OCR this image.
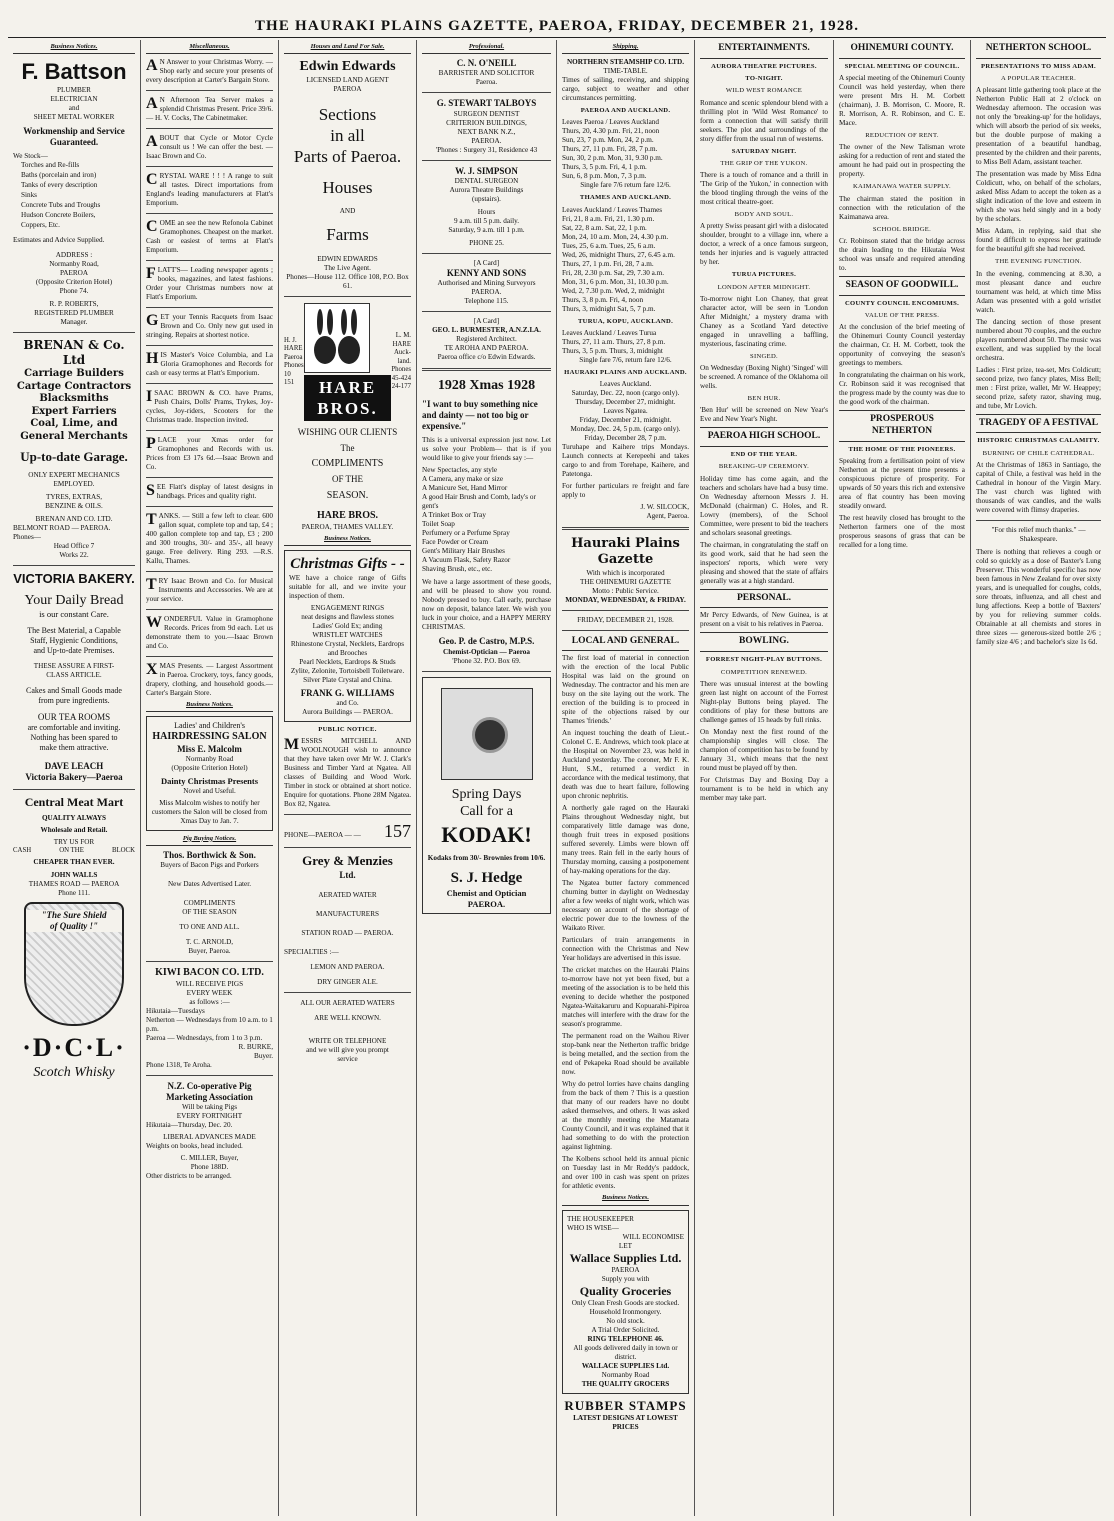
THE HAURAKI PLAINS GAZETTE, PAEROA, FRIDAY, DECEMBER 21, 1928.
Business Notices.
F. Battson
PLUMBER
ELECTRICIAN
and
SHEET METAL WORKER
Workmenship and Service Guaranteed.
We Stock—
Torches and Re-fills
Baths (porcelain and iron)
Tanks of every description
Sinks
Concrete Tubs and Troughs
Hudson Concrete Boilers,
Coppers, Etc.
Estimates and Advice Supplied.
ADDRESS :
Normanby Road,
PAEROA
(Opposite Criterion Hotel)
Phone 74.
R. P. ROBERTS,
REGISTERED PLUMBER
Manager.
BRENAN & Co. Ltd
Carriage Builders
Cartage Contractors
Blacksmiths
Expert Farriers
Coal, Lime, and
General Merchants
Up-to-date Garage.
ONLY EXPERT MECHANICS
EMPLOYED.
TYRES, EXTRAS,
BENZINE & OILS.
BRENAN AND CO. LTD.
BELMONT ROAD — PAEROA.
Phones—
Head Office 7
Works 22.
VICTORIA BAKERY.
Your Daily Bread
is our constant Care.
The Best Material, a Capable
Staff, Hygienic Conditions,
and Up-to-date Premises.
THESE ASSURE A FIRST-
CLASS ARTICLE.
Cakes and Small Goods made
from pure ingredients.
OUR TEA ROOMS
are comfortable and inviting.
Nothing has been spared to
make them attractive.
DAVE LEACH
Victoria Bakery—Paeroa
Central Meat Mart
QUALITY ALWAYS
Wholesale and Retail.
TRY US FOR
CASH	ON THE	BLOCK
CHEAPER THAN EVER.
JOHN WALLS
THAMES ROAD — PAEROA
Phone 111.
"The Sure Shield
of Quality !"
·D·C·L·
Scotch Whisky
Miscellaneous.

AN Answer to your Christmas Worry. — Shop early and secure your presents of every description at Carter's Bargain Store.

AN Afternoon Tea Server makes a splendid Christmas Present. Price 39/6. — H. V. Cocks, The Cabinetmaker.

ABOUT that Cycle or Motor Cycle consult us ! We can offer the best. — Isaac Brown and Co.

CRYSTAL WARE ! ! ! A range to suit all tastes. Direct importations from England's leading manufacturers at Flatt's Emporium.

COME an see the new Refonola Cabinet Gramophones. Cheapest on the market. Cash or easiest of terms at Flatt's Emporium.

FLATT'S— Leading newspaper agents ; books, magazines, and latest fashions. Order your Christmas numbers now at Flatt's Emporium.

GET your Tennis Racquets from Isaac Brown and Co. Only new gut used in stringing. Repairs at shortest notice.

HIS Master's Voice Columbia, and La Gloria Gramophones and Records for cash or easy terms at Flatt's Emporium.

ISAAC BROWN & CO. have Prams, Push Chairs, Dolls' Prams, Trykes, Joy-cycles, Joy-riders, Scooters for the Christmas trade. Inspection invited.

PLACE your Xmas order for Gramophones and Records with us. Prices from £3 17s 6d.—Isaac Brown and Co.

SEE Flatt's display of latest designs in handbags. Prices and quality right.

TANKS. — Still a few left to clear. 600 gallon squat, complete top and tap, £4 ; 400 gallon complete top and tap, £3 ; 200 and 300 troughs, 30/- and 35/-, all heavy gauge. Free delivery. Ring 293. —R.S. Kallu, Thames.

TRY Isaac Brown and Co. for Musical Instruments and Accessories. We are at your service.

WONDERFUL Value in Gramophone Records. Prices from 9d each. Let us demonstrate them to you.—Isaac Brown and Co.

XMAS Presents. — Largest Assortment in Paeroa. Crockery, toys, fancy goods, drapery, clothing, and household goods.— Carter's Bargain Store.

Business Notices.
Ladies' and Children's
HAIRDRESSING SALON
Miss E. Malcolm
Normanby Road
(Opposite Criterion Hotel)
Dainty Christmas Presents
Novel and Useful.
Miss Malcolm wishes to notify her customers the Salon will be closed from Xmas Day to Jan. 7.
Pig Buying Notices.
Thos. Borthwick & Son.
Buyers of Bacon Pigs and Porkers
New Dates Advertised Later.
COMPLIMENTS
OF THE SEASON
TO ONE AND ALL.
T. C. ARNOLD,
Buyer, Paeroa.
KIWI BACON CO. LTD.
WILL RECEIVE PIGS
EVERY WEEK
as follows :—
Hikutaia—Tuesdays
Netherton — Wednesdays from 10 a.m. to 1 p.m.
Paeroa — Wednesdays, from 1 to 3 p.m.
R. BURKE,
Buyer.
Phone 1318, Te Aroha.
N.Z. Co-operative Pig
Marketing Association
Will be taking Pigs
EVERY FORTNIGHT
Hikutaia—Thursday, Dec. 20.
LIBERAL ADVANCES MADE
Weights on books, head included.
C. MILLER, Buyer,
Phone 188D.
Other districts to be arranged.
Houses and Land For Sale.
Edwin Edwards
LICENSED LAND AGENT
PAEROA
Sections
in all
Parts of Paeroa.
Houses
AND
Farms
EDWIN EDWARDS
The Live Agent.
Phones—House 112. Office 108, P.O. Box 61.
H. J.
HARE
Paeroa
Phones
10
151	HARE BROS.
L. M.
HARE
Auck-
land.
Phones
45-424
24-177
WISHING OUR CLIENTS
The
COMPLIMENTS
OF THE
SEASON.
HARE BROS.
PAEROA, THAMES VALLEY.
Business Notices.
Christmas Gifts - -

WE have a choice range of Gifts suitable for all, and we invite your inspection of them.

ENGAGEMENT RINGS
neat designs and flawless stones
Ladies' Gold Ex; anding
WRISTLET WATCHES
Rhinestone Crystal, Necklets, Eardrops and Brooches
Pearl Necklets, Eardrops & Studs
Zylite, Zelonite, Tortoisbell Toiletware.
Silver Plate Crystal and China.
FRANK G. WILLIAMS
and Co.
Aurora Buildings — PAEROA.
PUBLIC NOTICE.

MESSRS MITCHELL AND WOOLNOUGH wish to announce that they have taken over Mr W. J. Clark's Business and Timber Yard at Ngatea. All classes of Building and Wood Work. Timber in stock or obtained at short notice. Enquire for quotations. Phone 28M Ngatea. Box 82, Ngatea.

PHONE—PAEROA — — 157
Grey & Menzies
Ltd.
AERATED WATER
MANUFACTURERS
STATION ROAD — PAEROA.
SPECIALTIES :—
LEMON AND PAEROA.
DRY GINGER ALE.
ALL OUR AERATED WATERS
ARE WELL KNOWN.
WRITE OR TELEPHONE
and we will give you prompt
service
Professional.
C. N. O'NEILL
BARRISTER AND SOLICITOR
Paeroa.
G. STEWART TALBOYS
SURGEON DENTIST
CRITERION BUILDINGS,
NEXT BANK N.Z.,
PAEROA.
'Phones : Surgery 31, Residence 43
W. J. SIMPSON
DENTAL SURGEON
Aurora Theatre Buildings
(upstairs).
Hours
9 a.m. till 5 p.m. daily.
Saturday, 9 a.m. till 1 p.m.
PHONE 25.
[A Card]
KENNY AND SONS
Authorised and Mining Surveyors
PAEROA.
Telephone 115.
[A Card]
GEO. L. BURMESTER, A.N.Z.I.A.
Registered Architect.
TE AROHA AND PAEROA.
Paeroa office c/o Edwin Edwards.
1928 Xmas 1928
"I want to buy something nice and dainty — not too big or expensive."

This is a universal expression just now. Let us solve your Problem— that is if you would like to give your friends say :—

New Spectacles, any style
A Camera, any make or size
A Manicure Set, Hand Mirror
A good Hair Brush and Comb, lady's or gent's
A Trinket Box or Tray
Toilet Soap
Perfumery or a Perfume Spray
Face Powder or Cream
Gent's Military Hair Brushes
A Vacuum Flask, Safety Razor
Shaving Brush, etc., etc.

We have a large assortment of these goods, and will be pleased to show you round. Nobody pressed to buy. Call early, purchase now on deposit, balance later. We wish you luck in your choice, and a HAPPY MERRY CHRISTMAS.

Geo. P. de Castro, M.P.S.
Chemist-Optician — Paeroa
'Phone 32. P.O. Box 69.
Spring Days
Call for a
KODAK!
Kodaks from 30/- Brownies from 10/6.
S. J. Hedge
Chemist and Optician
PAEROA.
Shipping.
NORTHERN STEAMSHIP CO. LTD.
TIME-TABLE.

Times of sailing, receiving, and shipping cargo, subject to weather and other circumstances permitting.

PAEROA AND AUCKLAND.
Leaves Paeroa / Leaves Auckland
Thurs, 20, 4.30 p.m. Fri, 21, noon
Sun, 23, 7 p.m. Mon, 24, 2 p.m.
Thurs, 27, 11 p.m. Fri, 28, 7 p.m.
Sun, 30, 2 p.m. Mon, 31, 9.30 p.m.
Thurs, 3, 5 p.m. Fri, 4, 1 p.m.
Sun, 6, 8 p.m. Mon, 7, 3 p.m.
Single fare 7/6 return fare 12/6.
THAMES AND AUCKLAND.
Leaves Auckland / Leaves Thames
Fri, 21, 8 a.m. Fri, 21, 1.30 p.m.
Sat, 22, 8 a.m. Sat, 22, 1 p.m.
Mon, 24, 10 a.m. Mon, 24, 4.30 p.m.
Tues, 25, 6 a.m. Tues, 25, 6 a.m.
Wed, 26, midnight Thurs, 27, 6.45 a.m.
Thurs, 27, 1 p.m. Fri, 28, 7 a.m.
Fri, 28, 2.30 p.m. Sat, 29, 7.30 a.m.
Mon, 31, 6 p.m. Mon, 31, 10.30 p.m.
Wed, 2, 7.30 p.m. Wed, 2, midnight
Thurs, 3, 8 p.m. Fri, 4, noon
Thurs, 3, midnight Sat, 5, 7 p.m.
TURUA, KOPU, AUCKLAND.
Leaves Auckland / Leaves Turua
Thurs, 27, 11 a.m. Thurs, 27, 8 p.m.
Thurs, 3, 5 p.m. Thurs, 3, midnight
Single fare 7/6, return fare 12/6.
HAURAKI PLAINS AND AUCKLAND.
Leaves Auckland.
Saturday, Dec. 22, noon (cargo only).
Thursday, December 27, midnight.
Leaves Ngatea.
Friday, December 21, midnight.
Monday, Dec. 24, 5 p.m. (cargo only).
Friday, December 28, 7 p.m.

Turuhape and Kaihere trips Mondays. Launch connects at Kerepeehi and takes cargo to and from Torehape, Kaihere, and Patetonga.

For further particulars re freight and fare apply to

J. W. SILCOCK,
Agent, Paeroa.
Hauraki Plains Gazette
With which is incorporated
THE OHINEMURI GAZETTE
Motto : Public Service.
MONDAY, WEDNESDAY, & FRIDAY.
FRIDAY, DECEMBER 21, 1928.
LOCAL AND GENERAL.

The first load of material in connection with the erection of the local Public Hospital was laid on the ground on Wednesday. The contractor and his men are busy on the site laying out the work. The erection of the building is to proceed in spite of the objections raised by our Thames 'friends.'

An inquest touching the death of Lieut.-Colonel C. E. Andrews, which took place at the Hospital on November 23, was held in Auckland yesterday. The coroner, Mr F. K. Hunt, S.M., returned a verdict in accordance with the medical testimony, that death was due to heart failure, following upon chronic nephritis.

A northerly gale raged on the Hauraki Plains throughout Wednesday night, but comparatively little damage was done, though fruit trees in exposed positions suffered severely. Limbs were blown off many trees. Rain fell in the early hours of Thursday morning, causing a postponement of hay-making operations for the day.

The Ngatea butter factory commenced churning butter in daylight on Wednesday after a few weeks of night work, which was necessary on account of the shortage of electric power due to the lowness of the Waikato River.

Particulars of train arrangements in connection with the Christmas and New Year holidays are advertised in this issue.

The cricket matches on the Hauraki Plains to-morrow have not yet been fixed, but a meeting of the association is to be held this evening to decide whether the postponed Ngatea-Waitakaruru and Kopuarahi-Pipiroa matches will interfere with the draw for the season's programme.

The permanent road on the Waihou River stop-bank near the Netherton traffic bridge is being metalled, and the section from the end of Pekapeka Road should be available now.

Why do petrol lorries have chains dangling from the back of them ? This is a question that many of our readers have no doubt asked themselves, and others. It was asked at the monthly meeting the Matamata County Council, and it was explained that it had something to do with the protection against lightning.

The Kolbens school held its annual picnic on Tuesday last in Mr Reddy's paddock, and over 100 in cash was spent on prizes for athletic events.

Business Notices.
THE HOUSEKEEPER
WHO IS WISE—
WILL ECONOMISE
LET
Wallace Supplies Ltd.
PAEROA
Supply you with
Quality Groceries
Only Clean Fresh Goods are stocked.
Household Ironmongery.
No old stock.
A Trial Order Solicited.
RING TELEPHONE 46.
All goods delivered daily in town or district.
WALLACE SUPPLIES Ltd.
Normanby Road
THE QUALITY GROCERS
RUBBER STAMPS
LATEST DESIGNS AT LOWEST
PRICES
ENTERTAINMENTS.
AURORA THEATRE PICTURES.
TO-NIGHT.
WILD WEST ROMANCE

Romance and scenic splendour blend with a thrilling plot in 'Wild West Romance' to form a connection that will satisfy thrill seekers. The plot and surroundings of the story differ from the usual run of westerns.

SATURDAY NIGHT.
THE GRIP OF THE YUKON.

There is a touch of romance and a thrill in 'The Grip of the Yukon,' in connection with the blood tingling through the veins of the most critical theatre-goer.

BODY AND SOUL.

A pretty Swiss peasant girl with a dislocated shoulder, brought to a village inn, where a doctor, a wreck of a once famous surgeon, tends her injuries and is vaguely attracted by her.

TURUA PICTURES.
LONDON AFTER MIDNIGHT.

To-morrow night Lon Chaney, that great character actor, will be seen in 'London After Midnight,' a mystery drama with Chaney as a Scotland Yard detective engaged in unravelling a baffling, mysterious, fascinating crime.

SINGED.

On Wednesday (Boxing Night) 'Singed' will be screened. A romance of the Oklahoma oil wells.

BEN HUR.

'Ben Hur' will be screened on New Year's Eve and New Year's Night.

PAEROA HIGH SCHOOL.
END OF THE YEAR.
BREAKING-UP CEREMONY.

Holiday time has come again, and the teachers and scholars have had a busy time. On Wednesday afternoon Messrs J. H. McDonald (chairman) C. Holes, and R. Lowry (members), of the School Committee, were present to bid the teachers and scholars seasonal greetings.

The chairman, in congratulating the staff on its good work, said that he had seen the inspectors' reports, which were very pleasing and showed that the state of affairs generally was at a high standard.

PERSONAL.

Mr Percy Edwards, of New Guinea, is at present on a visit to his relatives in Paeroa.

BOWLING.
FORREST NIGHT-PLAY BUTTONS.
COMPETITION RENEWED.

There was unusual interest at the bowling green last night on account of the Forrest Night-play Buttons being played. The conditions of play for these buttons are challenge games of 15 heads by full rinks.

On Monday next the first round of the championship singles will close. The champion of competition has to be found by January 31, which means that the next round must be played off by then.

For Christmas Day and Boxing Day a tournament is to be held in which any member may take part.

OHINEMURI COUNTY.
SPECIAL MEETING OF COUNCIL.

A special meeting of the Ohinemuri County Council was held yesterday, when there were present Mrs H. M. Corbett (chairman), J. B. Morrison, C. Moore, R. R. Morrison, A. R. Robinson, and C. E. Mace.

REDUCTION OF RENT.

The owner of the New Talisman wrote asking for a reduction of rent and stated the amount he had paid out in prospecting the property.

KAIMANAWA WATER SUPPLY.

The chairman stated the position in connection with the reticulation of the Kaimanawa area.

SCHOOL BRIDGE.

Cr. Robinson stated that the bridge across the drain leading to the Hikutaia West school was unsafe and required attending to.

SEASON OF GOODWILL.
COUNTY COUNCIL ENCOMIUMS.
VALUE OF THE PRESS.

At the conclusion of the brief meeting of the Ohinemuri County Council yesterday the chairman, Cr. H. M. Corbett, took the opportunity of conveying the season's greetings to members.

In congratulating the chairman on his work, Cr. Robinson said it was recognised that the progress made by the county was due to the good work of the chairman.

PROSPEROUS NETHERTON
THE HOME OF THE PIONEERS.

Speaking from a fertilisation point of view Netherton at the present time presents a conspicuous picture of prosperity. For upwards of 50 years this rich and extensive area of flat country has been moving steadily onward.

The rest heavily closed has brought to the Netherton farmers one of the most prosperous seasons of grass that can be recalled for a long time.

NETHERTON SCHOOL.
PRESENTATIONS TO MISS ADAM.
A POPULAR TEACHER.

A pleasant little gathering took place at the Netherton Public Hall at 2 o'clock on Wednesday afternoon. The occasion was not only the 'breaking-up' for the holidays, which will absorb the period of six weeks, but the double purpose of making a presentation of a beautiful handbag, presented by the children and their parents, to Miss Bell Adam, assistant teacher.

The presentation was made by Miss Edna Coldicutt, who, on behalf of the scholars, asked Miss Adam to accept the token as a slight indication of the love and esteem in which she was held singly and in a body by the scholars.

Miss Adam, in replying, said that she found it difficult to express her gratitude for the beautiful gift she had received.

THE EVENING FUNCTION.

In the evening, commencing at 8.30, a most pleasant dance and euchre tournament was held, at which time Miss Adam was presented with a gold wristlet watch.

The dancing section of those present numbered about 70 couples, and the euchre players numbered about 50. The music was excellent, and was supplied by the local orchestra.

Ladies : First prize, tea-set, Mrs Coldicutt; second prize, two fancy plates, Miss Bell; men : First prize, wallet, Mr W. Heappey; second prize, safety razor, shaving mug, and tube, Mr Lovich.

TRAGEDY OF A FESTIVAL
HISTORIC CHRISTMAS CALAMITY.
BURNING OF CHILE CATHEDRAL.

At the Christmas of 1863 in Santiago, the capital of Chile, a festival was held in the Cathedral in honour of the Virgin Mary. The vast church was lighted with thousands of wax candles, and the walls were covered with flimsy draperies.

"For this relief much thanks." —Shakespeare.

There is nothing that relieves a cough or cold so quickly as a dose of Baxter's Lung Preserver. This wonderful specific has now been famous in New Zealand for over sixty years, and is unequalled for coughs, colds, sore throats, influenza, and all chest and lung affections. Keep a bottle of 'Baxters' by you for relieving summer colds. Obtainable at all chemists and stores in three sizes — generous-sized bottle 2/6 ; family size 4/6 ; and bachelor's size 1s 6d.
